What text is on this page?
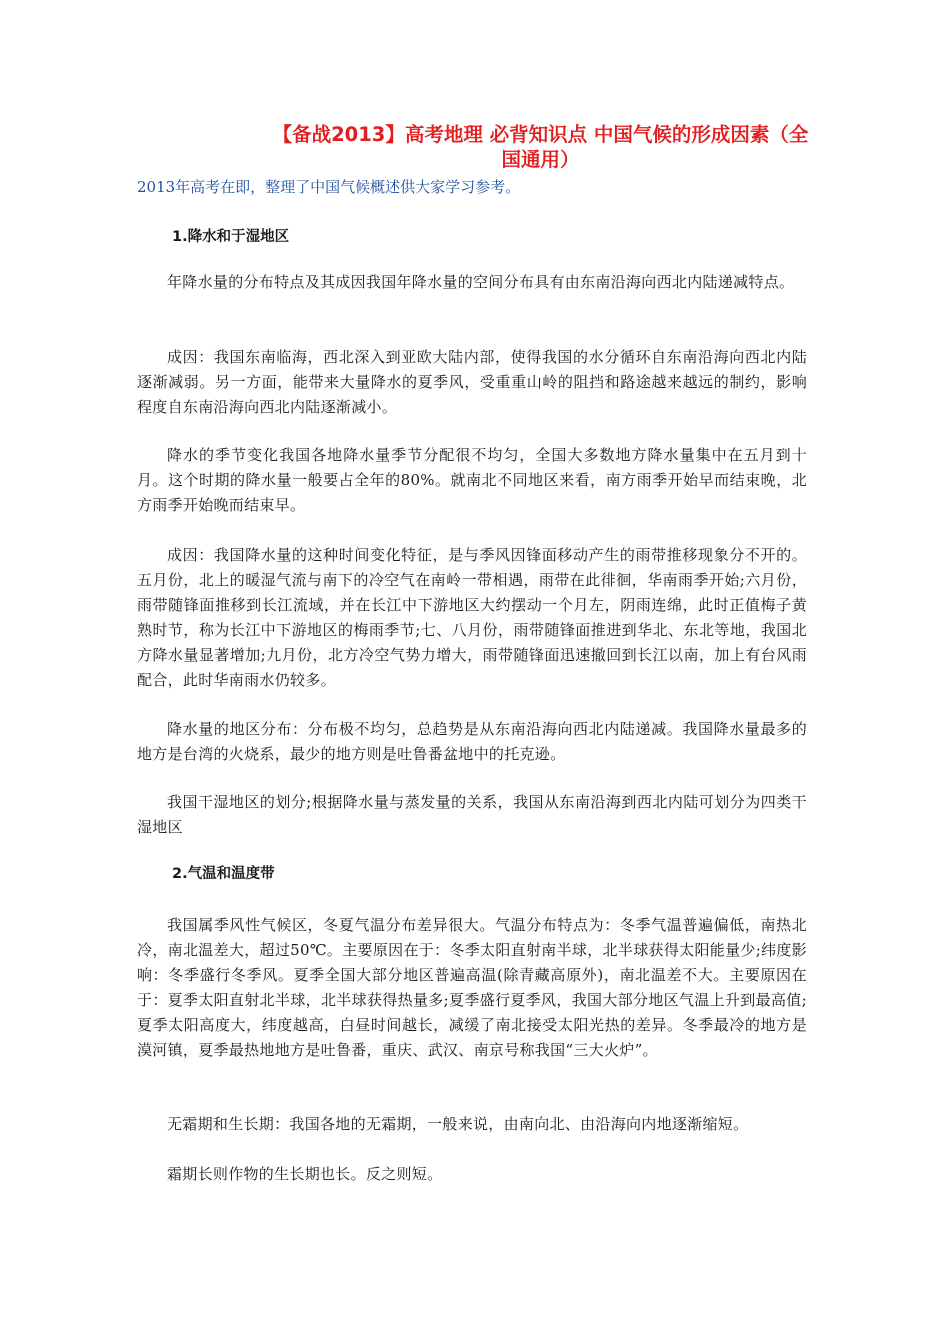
【备战2013】高考地理 必背知识点 中国气候的形成因素（全国通用）

2013年高考在即，整理了中国气候概述供大家学习参考。

1.降水和于湿地区

年降水量的分布特点及其成因我国年降水量的空间分布具有由东南沿海向西北内陆递减特点。

成因：我国东南临海，西北深入到亚欧大陆内部，使得我国的水分循环自东南沿海向西北内陆逐渐减弱。另一方面，能带来大量降水的夏季风，受重重山岭的阻挡和路途越来越远的制约，影响程度自东南沿海向西北内陆逐渐减小。

降水的季节变化我国各地降水量季节分配很不均匀，全国大多数地方降水量集中在五月到十月。这个时期的降水量一般要占全年的80%。就南北不同地区来看，南方雨季开始早而结束晚，北方雨季开始晚而结束早。

成因：我国降水量的这种时间变化特征，是与季风因锋面移动产生的雨带推移现象分不开的。五月份，北上的暖湿气流与南下的冷空气在南岭一带相遇，雨带在此徘徊，华南雨季开始;六月份，雨带随锋面推移到长江流域，并在长江中下游地区大约摆动一个月左，阴雨连绵，此时正值梅子黄熟时节，称为长江中下游地区的梅雨季节;七、八月份，雨带随锋面推进到华北、东北等地，我国北方降水量显著增加;九月份，北方冷空气势力增大，雨带随锋面迅速撤回到长江以南，加上有台风雨配合，此时华南雨水仍较多。

降水量的地区分布：分布极不均匀，总趋势是从东南沿海向西北内陆递减。我国降水量最多的地方是台湾的火烧系，最少的地方则是吐鲁番盆地中的托克逊。

我国干湿地区的划分;根据降水量与蒸发量的关系，我国从东南沿海到西北内陆可划分为四类干湿地区

2.气温和温度带

我国属季风性气候区，冬夏气温分布差异很大。气温分布特点为：冬季气温普遍偏低，南热北冷，南北温差大，超过50℃。主要原因在于：冬季太阳直射南半球，北半球获得太阳能量少;纬度影响：冬季盛行冬季风。夏季全国大部分地区普遍高温(除青藏高原外)，南北温差不大。主要原因在于：夏季太阳直射北半球，北半球获得热量多;夏季盛行夏季风，我国大部分地区气温上升到最高值;夏季太阳高度大，纬度越高，白昼时间越长，减缓了南北接受太阳光热的差异。冬季最冷的地方是漠河镇，夏季最热地地方是吐鲁番，重庆、武汉、南京号称我国“三大火炉”。

无霜期和生长期：我国各地的无霜期，一般来说，由南向北、由沿海向内地逐渐缩短。

霜期长则作物的生长期也长。反之则短。
